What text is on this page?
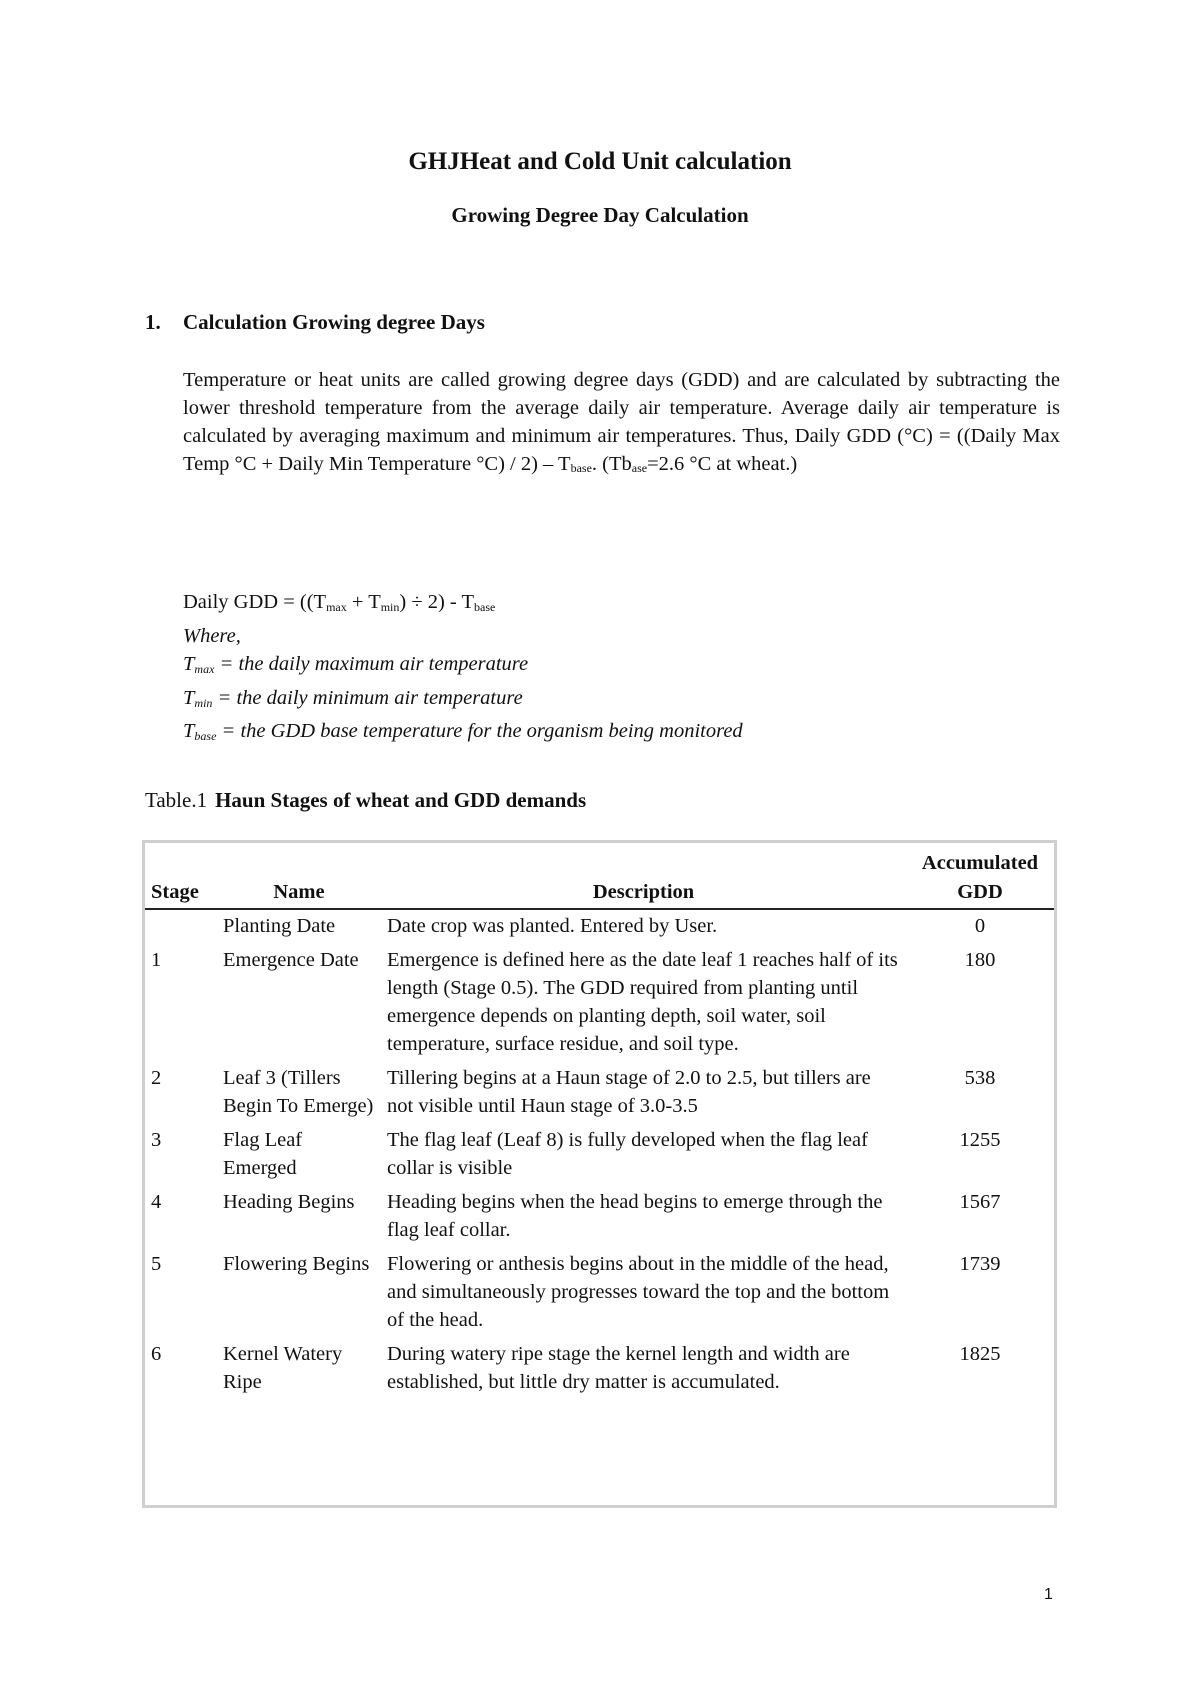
GHJHeat and Cold Unit calculation
Growing Degree Day Calculation
1. Calculation Growing degree Days
Temperature or heat units are called growing degree days (GDD) and are calculated by subtracting the lower threshold temperature from the average daily air temperature. Average daily air temperature is calculated by averaging maximum and minimum air temperatures. Thus, Daily GDD (°C) = ((Daily Max Temp °C + Daily Min Temperature $^\circ C) / 2) - T_{base}$. ($Tb_{ase}=2.6$ °C at wheat.)
Daily GDD = $((T_{max} + T_{min}) \div 2) - T_{base}$
Where,
$T_{max}$ = the daily maximum air temperature
$T_{min}$ = the daily minimum air temperature
$T_{base}$ = the GDD base temperature for the organism being monitored
Table.1 Haun Stages of wheat and GDD demands
Stage	Name	Description	Accumulated
GDD
	Planting Date	Date crop was planted. Entered by User.	0
1	Emergence Date	Emergence is defined here as the date leaf 1 reaches half of its length (Stage 0.5). The GDD required from planting until emergence depends on planting depth, soil water, soil temperature, surface residue, and soil type.	180
2	Leaf 3 (Tillers Begin To Emerge)	Tillering begins at a Haun stage of 2.0 to 2.5, but tillers are not visible until Haun stage of 3.0-3.5	538
3	Flag Leaf Emerged	The flag leaf (Leaf 8) is fully developed when the flag leaf collar is visible	1255
4	Heading Begins	Heading begins when the head begins to emerge through the flag leaf collar.	1567
5	Flowering Begins	Flowering or anthesis begins about in the middle of the head, and simultaneously progresses toward the top and the bottom of the head.	1739
6	Kernel Watery Ripe	During watery ripe stage the kernel length and width are established, but little dry matter is accumulated.	1825
1
